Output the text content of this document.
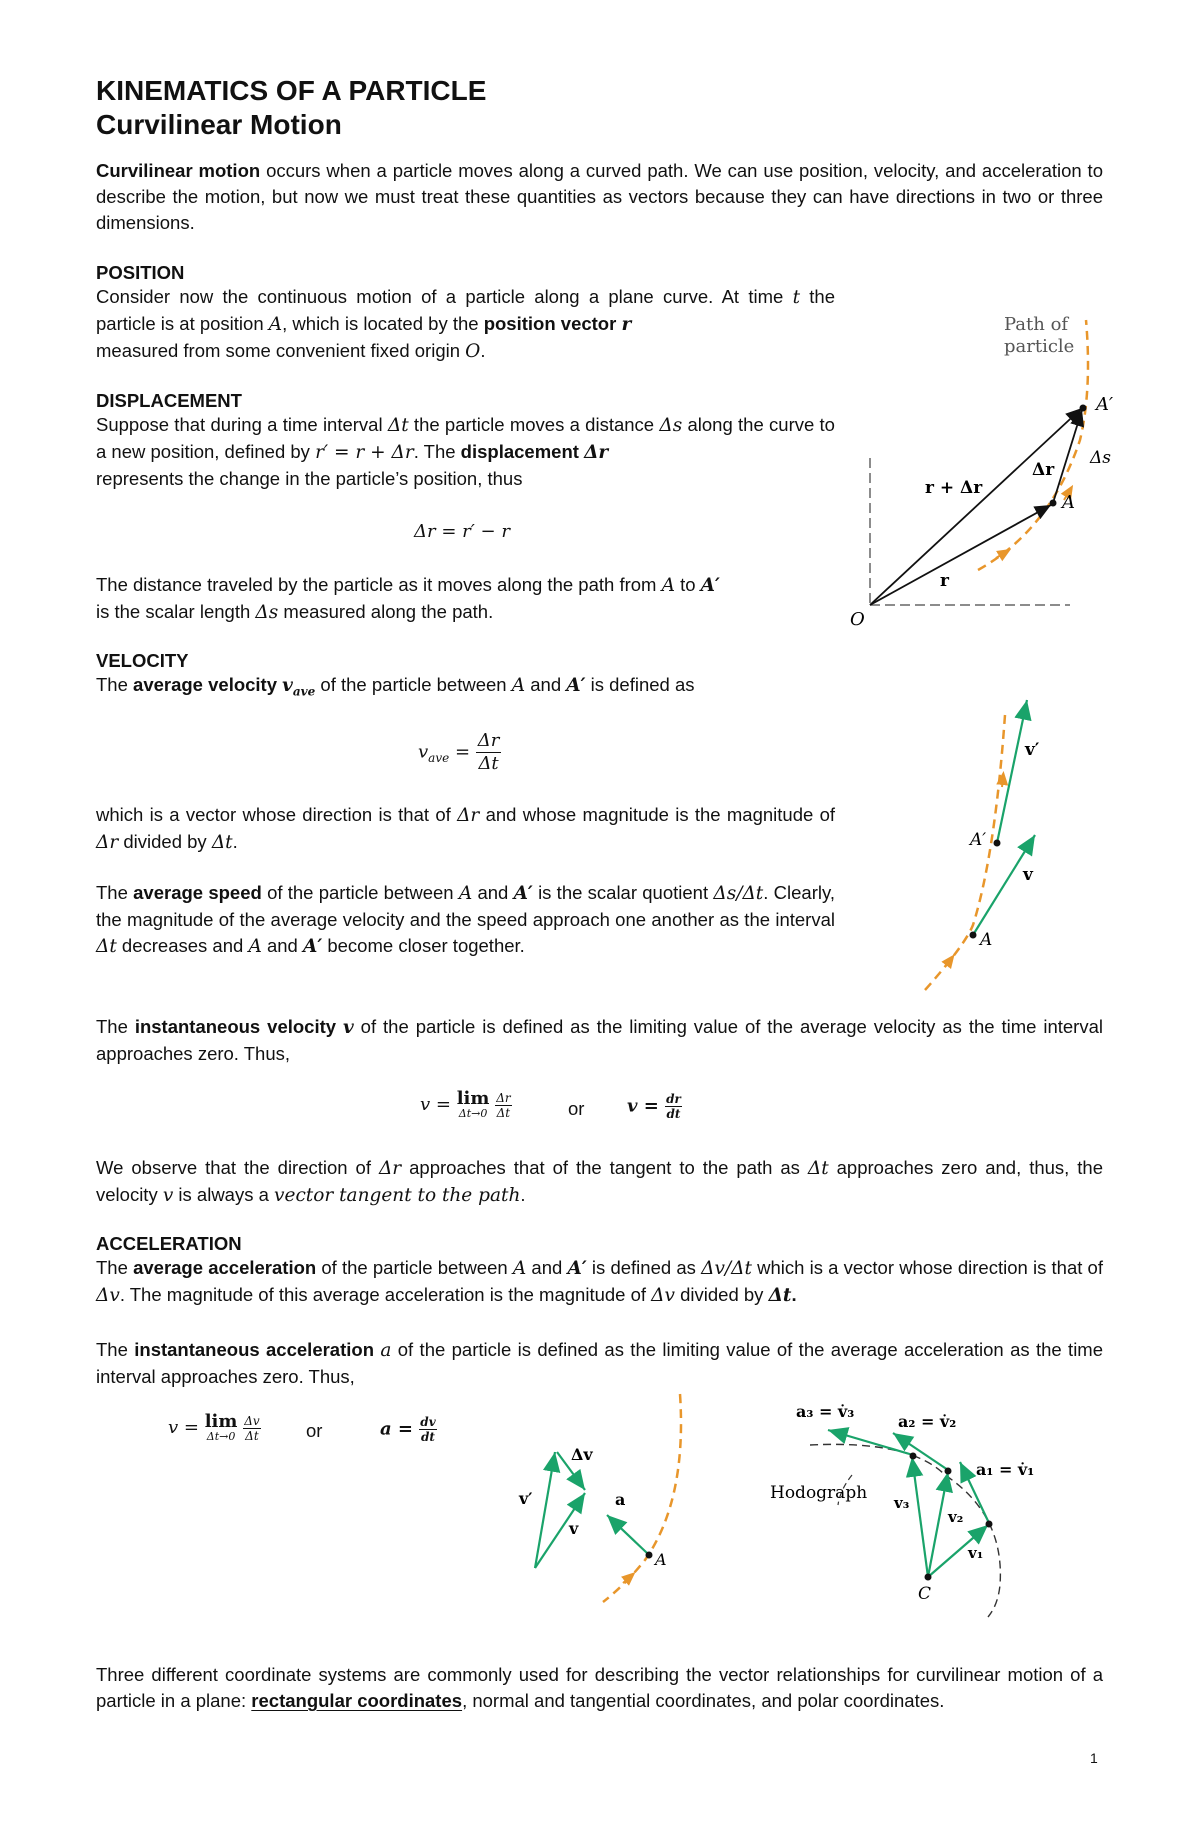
KINEMATICS OF A PARTICLE
Curvilinear Motion

Curvilinear motion occurs when a particle moves along a curved path. We can use position, velocity, and acceleration to describe the motion, but now we must treat these quantities as vectors because they can have directions in two or three dimensions.

POSITION

Consider now the continuous motion of a particle along a plane curve. At time t the particle is at position A, which is located by the position vector r
measured from some convenient fixed origin O.

DISPLACEMENT

Suppose that during a time interval Δt the particle moves a distance Δs along the curve to a new position, defined by r′ = r + Δr. The displacement Δr
represents the change in the particle’s position, thus

Δr = r′ − r

The distance traveled by the particle as it moves along the path from A to A′
is the scalar length Δs measured along the path.

Path of
particle
A′
A
O
r + Δr
Δr
Δs
r

VELOCITY

The average velocity $v_{ave}$ of the particle between A and A′ is defined as

$v_{ave} = \frac{\Delta r}{\Delta t}$

which is a vector whose direction is that of Δr and whose magnitude is the magnitude of Δr divided by Δt.

The average speed of the particle between A and A′ is the scalar quotient Δs/Δt. Clearly, the magnitude of the average velocity and the speed approach one another as the interval Δt decreases and A and A′ become closer together.

v′
A′
v
A

The instantaneous velocity v of the particle is defined as the limiting value of the average velocity as the time interval approaches zero. Thus,

v = lim
Δt→0
$\frac{\Delta r}{\Delta t}$	or $v = \frac{dr}{dt}$

We observe that the direction of Δr approaches that of the tangent to the path as Δt approaches zero and, thus, the velocity v is always a vector tangent to the path.

ACCELERATION

The average acceleration of the particle between A and A′ is defined as Δv/Δt which is a vector whose direction is that of Δv. The magnitude of this average acceleration is the magnitude of Δv divided by Δt.

The instantaneous acceleration a of the particle is defined as the limiting value of the average acceleration as the time interval approaches zero. Thus,

v = lim
Δt→0
$\frac{\Delta v}{\Delta t}$ or	$a = \frac{dv}{dt}$
Δv
v′
v
a
A
a₃ = v̇₃
a₂ = v̇₂
a₁ = v̇₁
Hodograph v₃
v₂
v₁
C

Three different coordinate systems are commonly used for describing the vector relationships for curvilinear motion of a particle in a plane: rectangular coordinates, normal and tangential coordinates, and polar coordinates.

1
